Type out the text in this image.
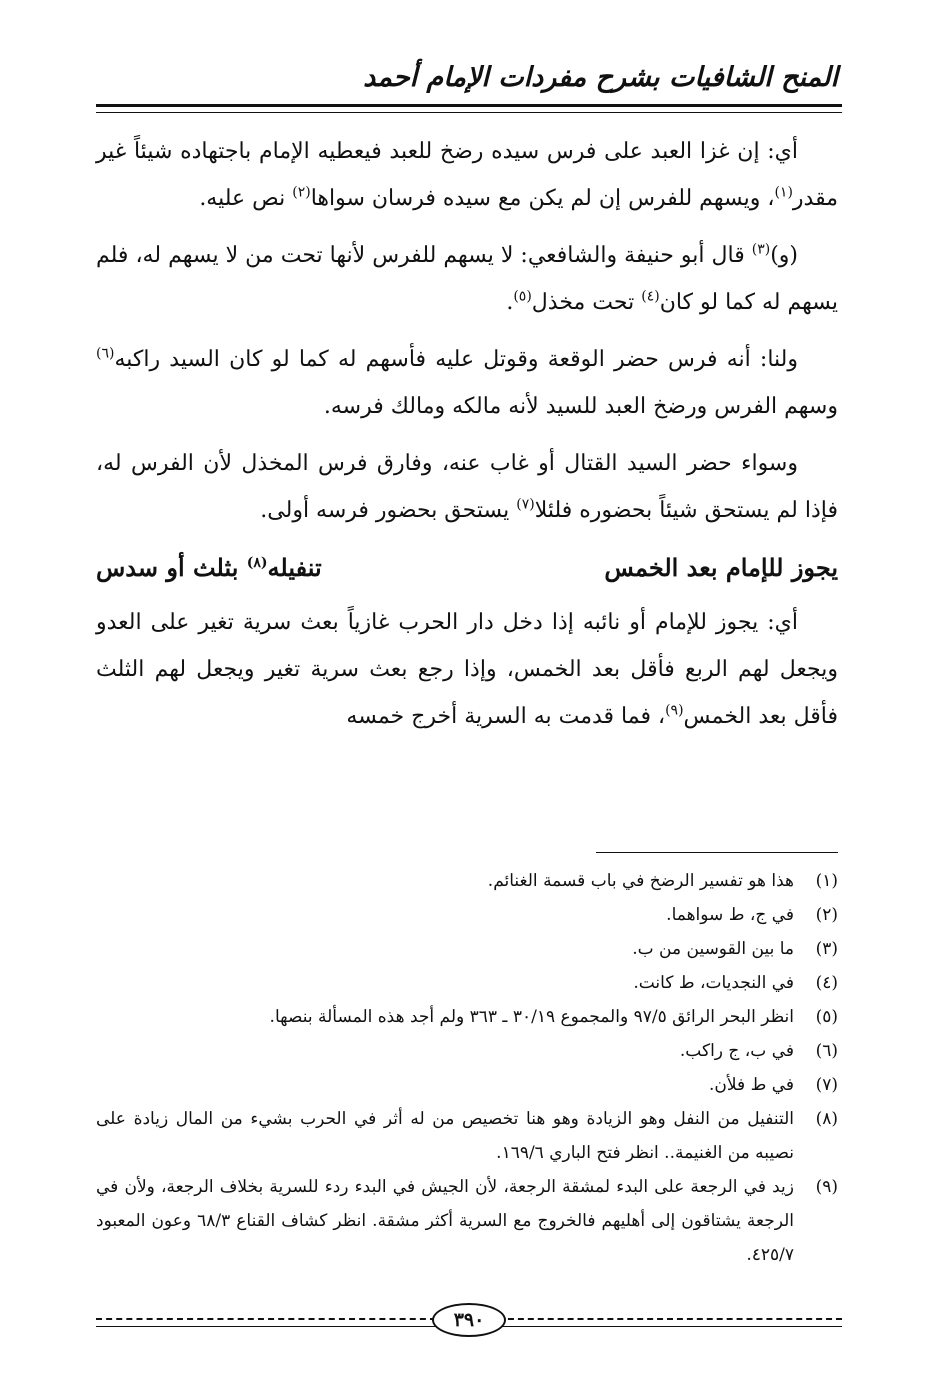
المنح الشافيات بشرح مفردات الإمام أحمد

أي: إن غزا العبد على فرس سيده رضخ للعبد فيعطيه الإمام باجتهاده شيئاً غير مقدر$^{(١)}$، ويسهم للفرس إن لم يكن مع سيده فرسان سواها$^{(٢)}$ نص عليه.

(و)$^{(٣)}$ قال أبو حنيفة والشافعي: لا يسهم للفرس لأنها تحت من لا يسهم له، فلم يسهم له كما لو كان$^{(٤)}$ تحت مخذل$^{(٥)}$.

ولنا: أنه فرس حضر الوقعة وقوتل عليه فأسهم له كما لو كان السيد راكبه$^{(٦)}$ وسهم الفرس ورضخ العبد للسيد لأنه مالكه ومالك فرسه.

وسواء حضر السيد القتال أو غاب عنه، وفارق فرس المخذل لأن الفرس له، فإذا لم يستحق شيئاً بحضوره فلئلا$^{(٧)}$ يستحق بحضور فرسه أولى.

يجوز للإمام بعد الخمس
تنفيله$^{(٨)}$ بثلث أو سدس

أي: يجوز للإمام أو نائبه إذا دخل دار الحرب غازياً بعث سرية تغير على العدو ويجعل لهم الربع فأقل بعد الخمس، وإذا رجع بعث سرية تغير ويجعل لهم الثلث فأقل بعد الخمس$^{(٩)}$، فما قدمت به السرية أخرج خمسه

(١)
هذا هو تفسير الرضخ في باب قسمة الغنائم.
(٢)
في ج، ط سواهما.
(٣)
ما بين القوسين من ب.
(٤)
في النجديات، ط كانت.
(٥)
انظر البحر الرائق ٩٧/٥ والمجموع ٣٠/١٩ ـ ٣٦٣ ولم أجد هذه المسألة بنصها.
(٦)
في ب، ج راكب.
(٧)
في ط فلأن.
(٨)
التنفيل من النفل وهو الزيادة وهو هنا تخصيص من له أثر في الحرب بشيء من المال زيادة على نصيبه من الغنيمة.. انظر فتح الباري ١٦٩/٦.
(٩)
زيد في الرجعة على البدء لمشقة الرجعة، لأن الجيش في البدء ردء للسرية بخلاف الرجعة، ولأن في الرجعة يشتاقون إلى أهليهم فالخروج مع السرية أكثر مشقة. انظر كشاف القناع ٦٨/٣ وعون المعبود ٤٢٥/٧.
٣٩٠
